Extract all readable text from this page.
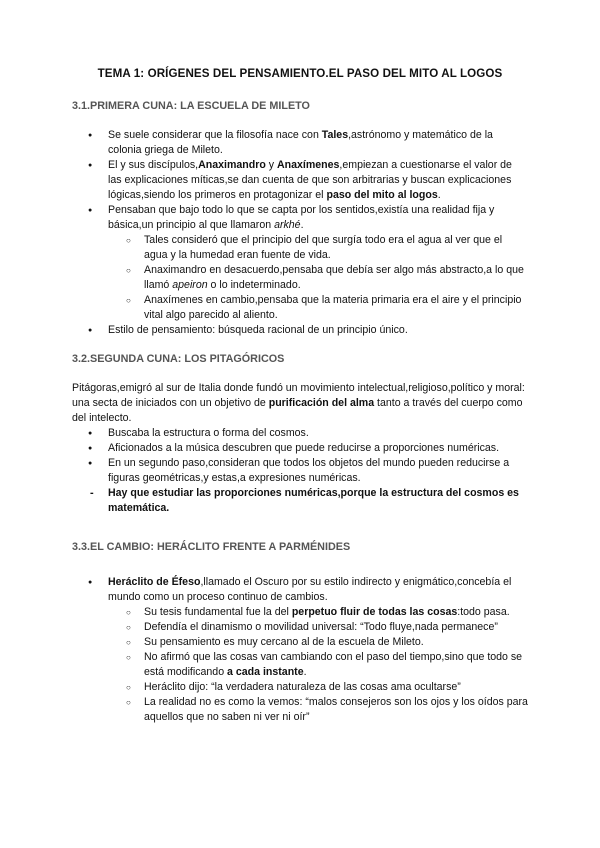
TEMA 1: ORÍGENES DEL PENSAMIENTO.EL PASO DEL MITO AL LOGOS
3.1.PRIMERA CUNA: LA ESCUELA DE MILETO
● Se suele considerar que la filosofía nace con Tales,astrónomo y matemático de la colonia griega de Mileto.
● El y sus discípulos,Anaximandro y Anaxímenes,empiezan a cuestionarse el valor de las explicaciones míticas,se dan cuenta de que son arbitrarias y buscan explicaciones lógicas,siendo los primeros en protagonizar el paso del mito al logos.
● Pensaban que bajo todo lo que se capta por los sentidos,existía una realidad fija y básica,un principio al que llamaron arkhé.
○ Tales consideró que el principio del que surgía todo era el agua al ver que el agua y la humedad eran fuente de vida.
○ Anaximandro en desacuerdo,pensaba que debía ser algo más abstracto,a lo que llamó apeiron o lo indeterminado.
○ Anaxímenes en cambio,pensaba que la materia primaria era el aire y el principio vital algo parecido al aliento.
● Estilo de pensamiento: búsqueda racional de un principio único.
3.2.SEGUNDA CUNA: LOS PITAGÓRICOS

Pitágoras,emigró al sur de Italia donde fundó un movimiento intelectual,religioso,político y moral: una secta de iniciados con un objetivo de purificación del alma tanto a través del cuerpo como del intelecto.

● Buscaba la estructura o forma del cosmos.
● Aficionados a la música descubren que puede reducirse a proporciones numéricas.
● En un segundo paso,consideran que todos los objetos del mundo pueden reducirse a figuras geométricas,y estas,a expresiones numéricas.
- Hay que estudiar las proporciones numéricas,porque la estructura del cosmos es matemática.
3.3.EL CAMBIO: HERÁCLITO FRENTE A PARMÉNIDES
● Heráclito de Éfeso,llamado el Oscuro por su estilo indirecto y enigmático,concebía el mundo como un proceso continuo de cambios.
○ Su tesis fundamental fue la del perpetuo fluir de todas las cosas:todo pasa.
○ Defendía el dinamismo o movilidad universal: “Todo fluye,nada permanece”
○ Su pensamiento es muy cercano al de la escuela de Mileto.
○ No afirmó que las cosas van cambiando con el paso del tiempo,sino que todo se está modificando a cada instante.
○ Heráclito dijo: “la verdadera naturaleza de las cosas ama ocultarse”
○ La realidad no es como la vemos: “malos consejeros son los ojos y los oídos para aquellos que no saben ni ver ni oír”
